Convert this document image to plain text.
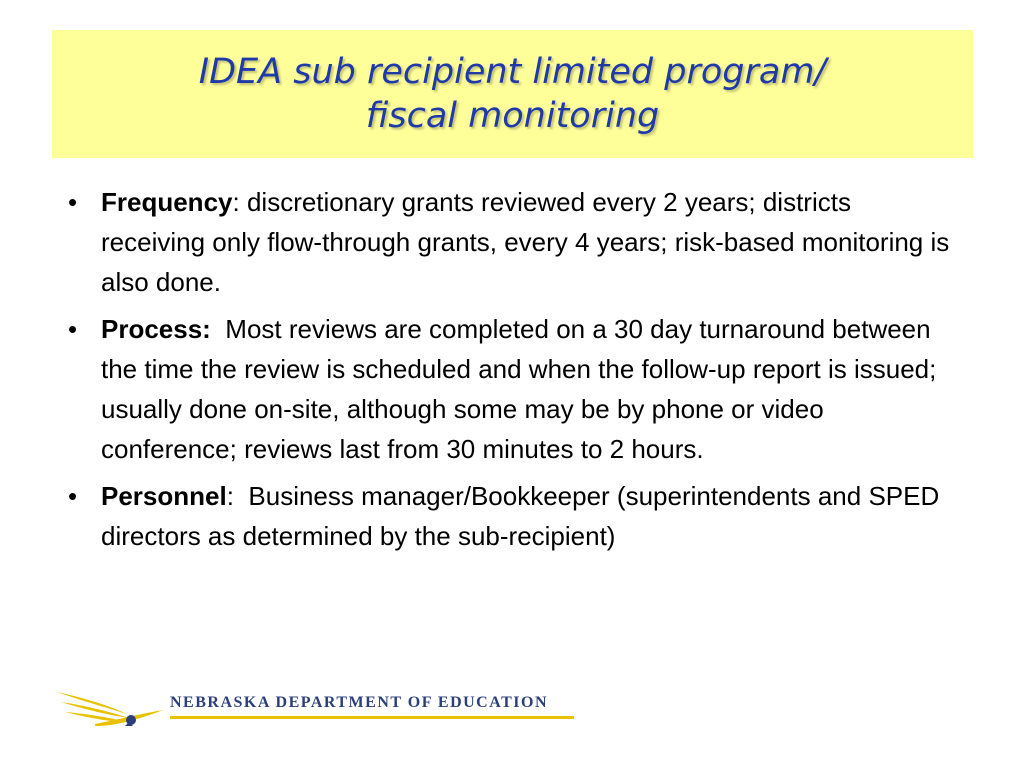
IDEA sub recipient limited program/
fiscal monitoring
• Frequency: discretionary grants reviewed every 2 years; districts receiving only flow-through grants, every 4 years; risk-based monitoring is also done.
• Process: Most reviews are completed on a 30 day turnaround between the time the review is scheduled and when the follow-up report is issued; usually done on-site, although some may be by phone or video conference; reviews last from 30 minutes to 2 hours.
• Personnel:  Business manager/Bookkeeper (superintendents and SPED directors as determined by the sub-recipient)
NEBRASKA DEPARTMENT OF EDUCATION
